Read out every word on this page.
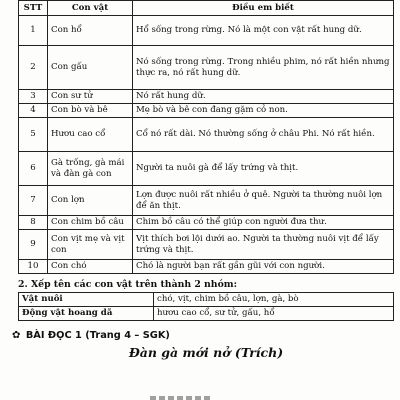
STT	Con vật	Điều em biết
1	Con hổ	Hổ sống trong rừng. Nó là một con vật rất hung dữ.
2	Con gấu	Nó sống trong rừng. Trong nhiều phim, nó rất hiền nhưng thực ra, nó rất hung dữ.
3	Con sư tử	Nó rất hung dữ.
4	Con bò và bê	Mẹ bò và bê con đang gặm cỏ non.
5	Hươu cao cổ	Cổ nó rất dài. Nó thường sống ở châu Phi. Nó rất hiền.
6	Gà trống, gà mái và đàn gà con	Người ta nuôi gà để lấy trứng và thịt.
7	Con lợn	Lợn được nuôi rất nhiều ở quê. Người ta thường nuôi lợn để ăn thịt.
8	Con chim bồ câu	Chim bồ câu có thể giúp con người đưa thư.
9	Con vịt mẹ và vịt con	Vịt thích bơi lội dưới ao. Người ta thường nuôi vịt để lấy trứng và thịt.
10	Con chó	Chó là người bạn rất gần gũi với con người.
2. Xếp tên các con vật trên thành 2 nhóm:
Vật nuôi	chó, vịt, chim bồ câu, lợn, gà, bò
Động vật hoang dã	hươu cao cổ, sư tử, gấu, hổ
✿ BÀI ĐỌC 1 (Trang 4 – SGK)
Đàn gà mới nở (Trích)
